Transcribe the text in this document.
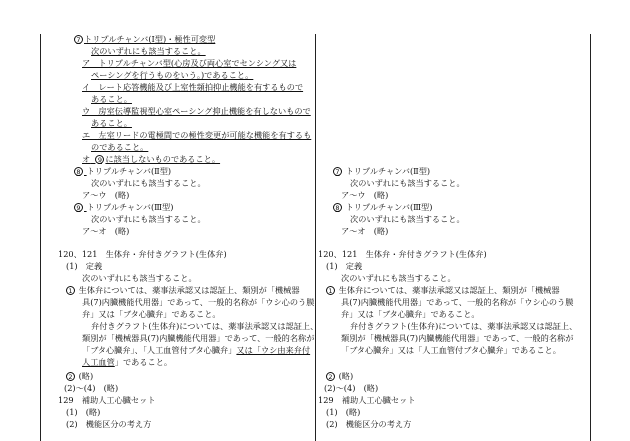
7 トリプルチャンバ(Ⅰ型)・極性可変型
次のいずれにも該当すること。
ア　トリプルチャンバ型(心房及び両心室でセンシング又は
ペーシングを行うものをいう。)であること。
イ　レート応答機能及び上室性頻拍抑止機能を有するもので
あること。
ウ　房室伝導監視型心室ペーシング抑止機能を有しないもので
あること。
エ　左室リードの電極間での極性変更が可能な機能を有するも
のであること。
オ 9 に該当しないものであること。
8 トリプルチャンバ(Ⅱ型)
次のいずれにも該当すること。
ア～ウ　(略)
9 トリプルチャンバ(Ⅲ型)
次のいずれにも該当すること。
ア～オ　(略)
120、121　生体弁・弁付きグラフト(生体弁)
(1)　定義
次のいずれにも該当すること。
1 生体弁については、薬事法承認又は認証上、類別が「機械器
具(7)内臓機能代用器」であって、一般的名称が「ウシ心のう膜
弁」又は「ブタ心臓弁」であること。
弁付きグラフト(生体弁)については、薬事法承認又は認証上、
類別が「機械器具(7)内臓機能代用器」であって、一般的名称が
「ブタ心臓弁」、「人工血管付ブタ心臓弁」又は「ウシ由来弁付
人工血管」であること。
2 (略)
(2)～(4)　(略)
129　補助人工心臓セット
(1)　(略)
(2)　機能区分の考え方
7 トリプルチャンバ(Ⅱ型)
次のいずれにも該当すること。
ア～ウ　(略)
8 トリプルチャンバ(Ⅲ型)
次のいずれにも該当すること。
ア～オ　(略)
120、121　生体弁・弁付きグラフト(生体弁)
(1)　定義
次のいずれにも該当すること。
1 生体弁については、薬事法承認又は認証上、類別が「機械器
具(7)内臓機能代用器」であって、一般的名称が「ウシ心のう膜
弁」又は「ブタ心臓弁」であること。
弁付きグラフト(生体弁)については、薬事法承認又は認証上、
類別が「機械器具(7)内臓機能代用器」であって、一般的名称が
「ブタ心臓弁」又は「人工血管付ブタ心臓弁」であること。
2 (略)
(2)～(4)　(略)
129　補助人工心臓セット
(1)　(略)
(2)　機能区分の考え方
